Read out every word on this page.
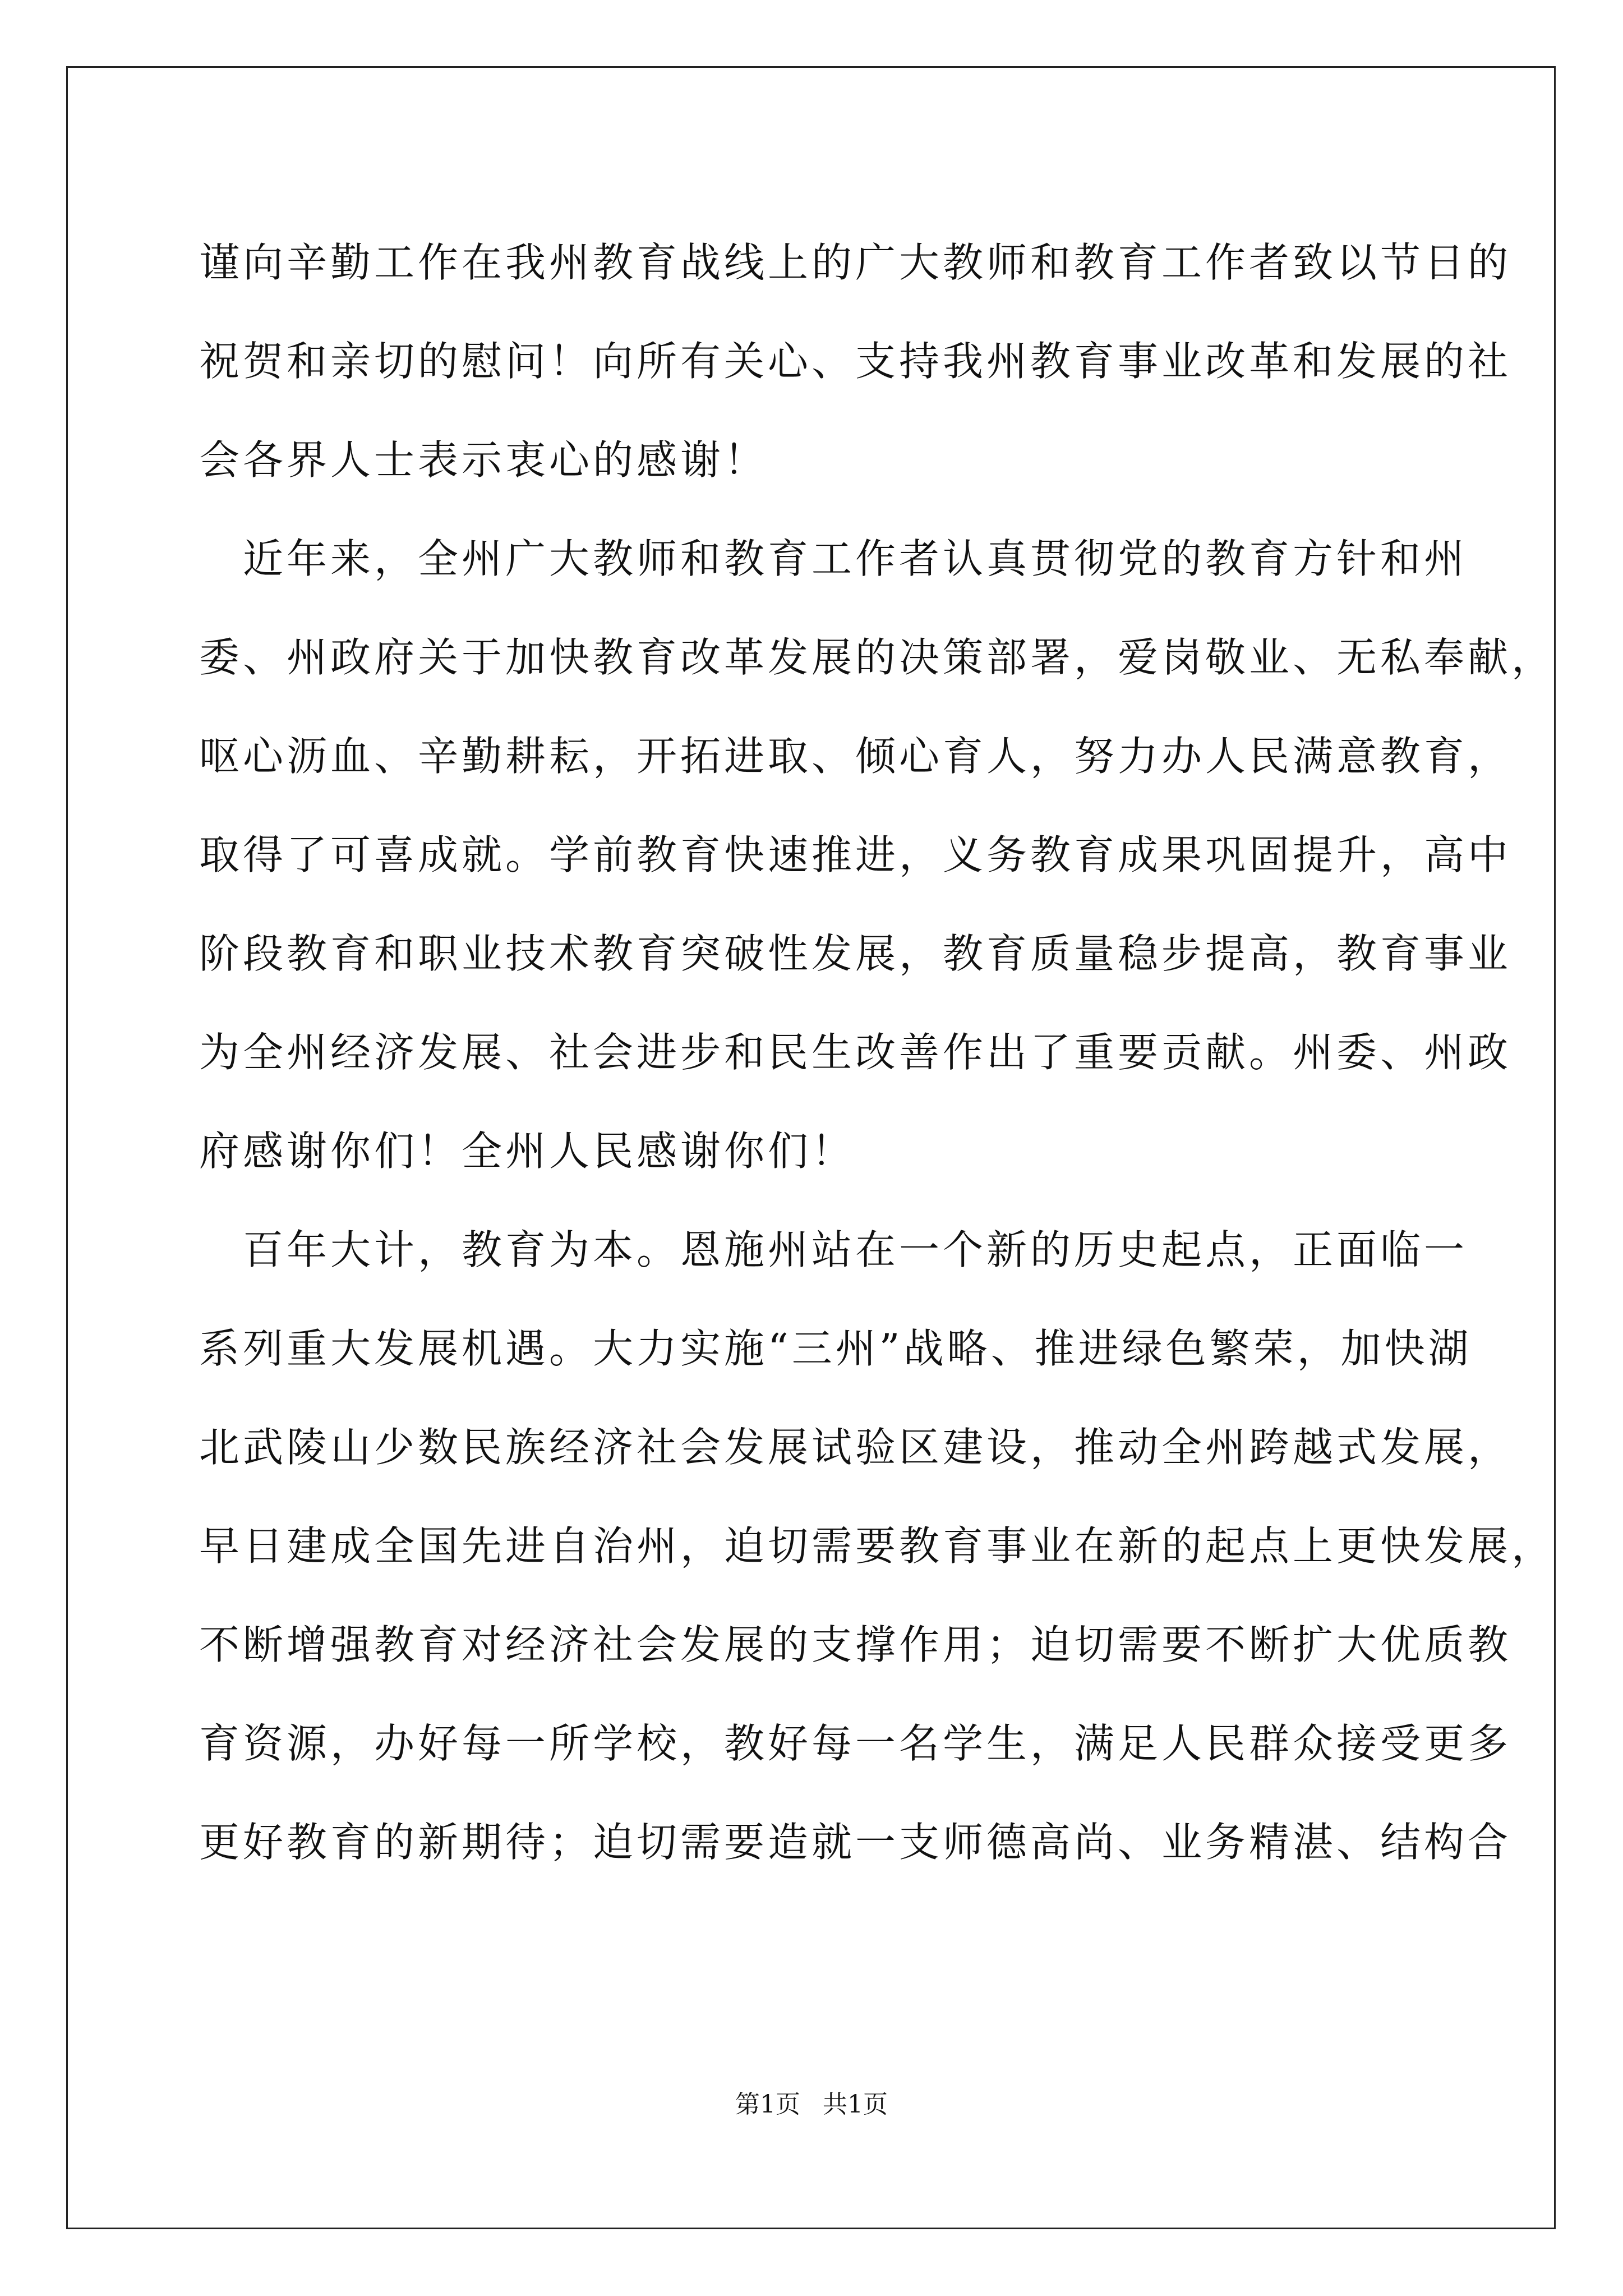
谨向辛勤工作在我州教育战线上的广大教师和教育工作者致以节日的
祝贺和亲切的慰问！向所有关心、支持我州教育事业改革和发展的社
会各界人士表示衷心的感谢！
　近年来，全州广大教师和教育工作者认真贯彻党的教育方针和州
委、州政府关于加快教育改革发展的决策部署，爱岗敬业、无私奉献，
呕心沥血、辛勤耕耘，开拓进取、倾心育人，努力办人民满意教育，
取得了可喜成就。学前教育快速推进，义务教育成果巩固提升，高中
阶段教育和职业技术教育突破性发展，教育质量稳步提高，教育事业
为全州经济发展、社会进步和民生改善作出了重要贡献。州委、州政
府感谢你们！全州人民感谢你们！
　百年大计，教育为本。恩施州站在一个新的历史起点，正面临一
系列重大发展机遇。大力实施“三州”战略、推进绿色繁荣，加快湖
北武陵山少数民族经济社会发展试验区建设，推动全州跨越式发展，
早日建成全国先进自治州，迫切需要教育事业在新的起点上更快发展，
不断增强教育对经济社会发展的支撑作用；迫切需要不断扩大优质教
育资源，办好每一所学校，教好每一名学生，满足人民群众接受更多
更好教育的新期待；迫切需要造就一支师德高尚、业务精湛、结构合
第1页 共1页
